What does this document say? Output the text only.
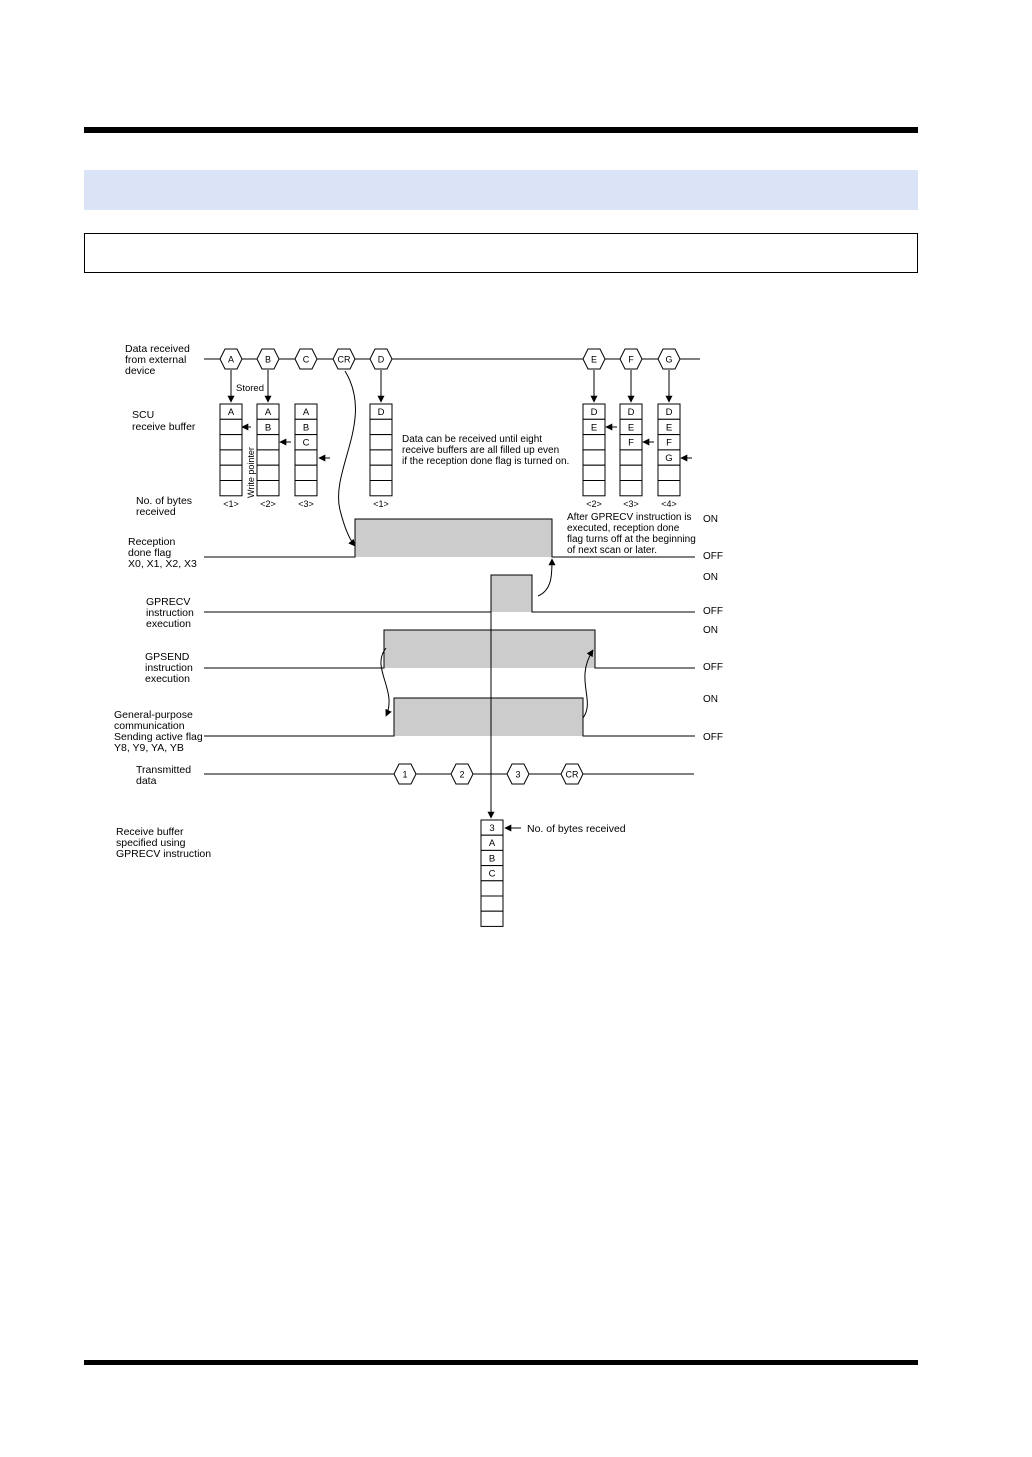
Data received from external device
SCU receive buffer
No. of bytes received
Reception done flag X0, X1, X2, X3
GPRECV instruction execution
GPSEND instruction execution
General-purpose communication Sending active flag Y8, Y9, YA, YB
Transmitted data
Receive buffer specified using GPRECV instruction
A	B	C	CR	D	E	F	G
Stored
A
<1>
A
B
<2>
A
B
C
<3>
D
<1>
D
E
<2>
D
E
F
<3>
D
E
F
G
<4>
Write pointer
Data can be received until eight receive buffers are all filled up even if the reception done flag is turned on.
After GPRECV instruction is executed, reception done flag turns off at the beginning of next scan or later.
ON
OFF
ON
OFF
ON
OFF
ON
OFF
1	2	3	CR
3
A
B
C
No. of bytes received
